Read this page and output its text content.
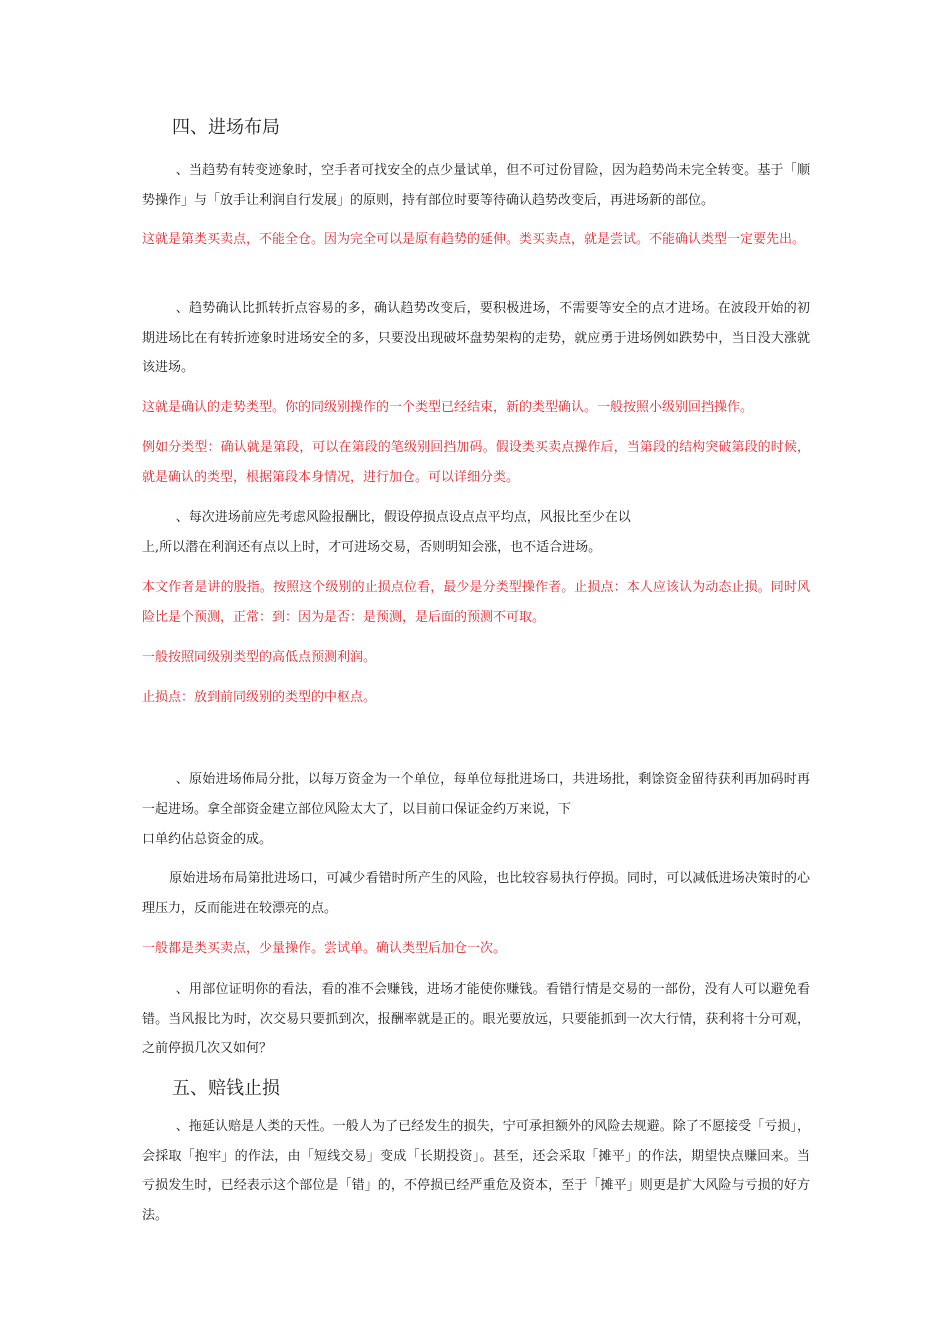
四、进场布局

、当趋势有转变迹象时，空手者可找安全的点少量试单，但不可过份冒险，因为趋势尚未完全转变。基于「顺势操作」与「放手让利润自行发展」的原则，持有部位时要等待确认趋势改变后，再进场新的部位。

这就是第类买卖点，不能全仓。因为完全可以是原有趋势的延伸。类买卖点，就是尝试。不能确认类型一定要先出。

、趋势确认比抓转折点容易的多，确认趋势改变后，要积极进场，不需要等安全的点才进场。在波段开始的初期进场比在有转折迹象时进场安全的多，只要没出现破坏盘势架构的走势，就应勇于进场例如跌势中，当日没大涨就该进场。

这就是确认的走势类型。你的同级别操作的一个类型已经结束，新的类型确认。一般按照小级别回挡操作。

例如分类型：确认就是第段，可以在第段的笔级别回挡加码。假设类买卖点操作后，当第段的结构突破第段的时候，就是确认的类型，根据第段本身情况，进行加仓。可以详细分类。

、每次进场前应先考虑风险报酬比，假设停损点设点点平均点，风报比至少在以

上,所以潜在利润还有点以上时，才可进场交易，否则明知会涨，也不适合进场。

本文作者是讲的股指。按照这个级别的止损点位看，最少是分类型操作者。止损点：本人应该认为动态止损。同时风险比是个预测，正常：到：因为是否：是预测，是后面的预测不可取。

一般按照同级别类型的高低点预测利润。

止损点：放到前同级别的类型的中枢点。

、原始进场佈局分批，以每万资金为一个单位，每单位每批进场口，共进场批，剩馀资金留待获利再加码时再一起进场。拿全部资金建立部位风险太大了，以目前口保证金约万来说，下

口单约佔总资金的成。

原始进场布局第批进场口，可减少看错时所产生的风险，也比较容易执行停损。同时，可以减低进场决策时的心理压力，反而能进在较漂亮的点。

一般都是类买卖点，少量操作。尝试单。确认类型后加仓一次。

、用部位证明你的看法，看的准不会赚钱，进场才能使你赚钱。看错行情是交易的一部份，没有人可以避免看错。当风报比为时，次交易只要抓到次，报酬率就是正的。眼光要放远，只要能抓到一次大行情，获利将十分可观，之前停损几次又如何？

五、赔钱止损

、拖延认赔是人类的天性。一般人为了已经发生的损失，宁可承担额外的风险去规避。除了不愿接受「亏损」，会採取「抱牢」的作法，由「短线交易」变成「长期投资」。甚至，还会采取「摊平」的作法，期望快点赚回来。当亏损发生时，已经表示这个部位是「错」的，不停损已经严重危及资本，至于「摊平」则更是扩大风险与亏损的好方法。
